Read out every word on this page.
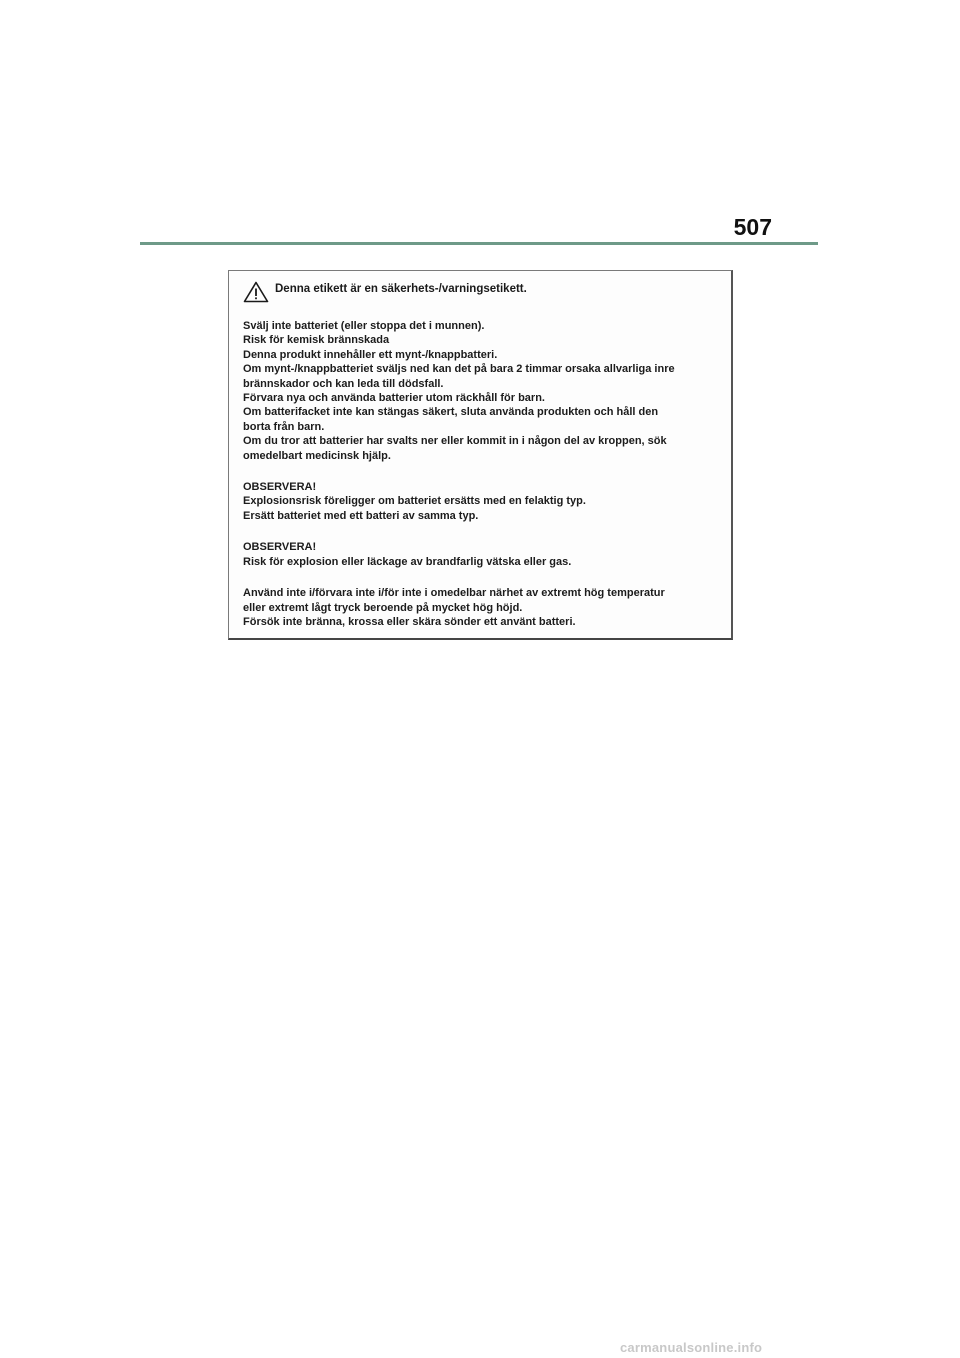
507
Denna etikett är en säkerhets-/varningsetikett.
Svälj inte batteriet (eller stoppa det i munnen).
Risk för kemisk brännskada
Denna produkt innehåller ett mynt-/knappbatteri.
Om mynt-/knappbatteriet sväljs ned kan det på bara 2 timmar orsaka allvarliga inre
brännskador och kan leda till dödsfall.
Förvara nya och använda batterier utom räckhåll för barn.
Om batterifacket inte kan stängas säkert, sluta använda produkten och håll den
borta från barn.
Om du tror att batterier har svalts ner eller kommit in i någon del av kroppen, sök
omedelbart medicinsk hjälp.
OBSERVERA!
Explosionsrisk föreligger om batteriet ersätts med en felaktig typ.
Ersätt batteriet med ett batteri av samma typ.
OBSERVERA!
Risk för explosion eller läckage av brandfarlig vätska eller gas.
Använd inte i/förvara inte i/för inte i omedelbar närhet av extremt hög temperatur
eller extremt lågt tryck beroende på mycket hög höjd.
Försök inte bränna, krossa eller skära sönder ett använt batteri.
carmanualsonline.info
